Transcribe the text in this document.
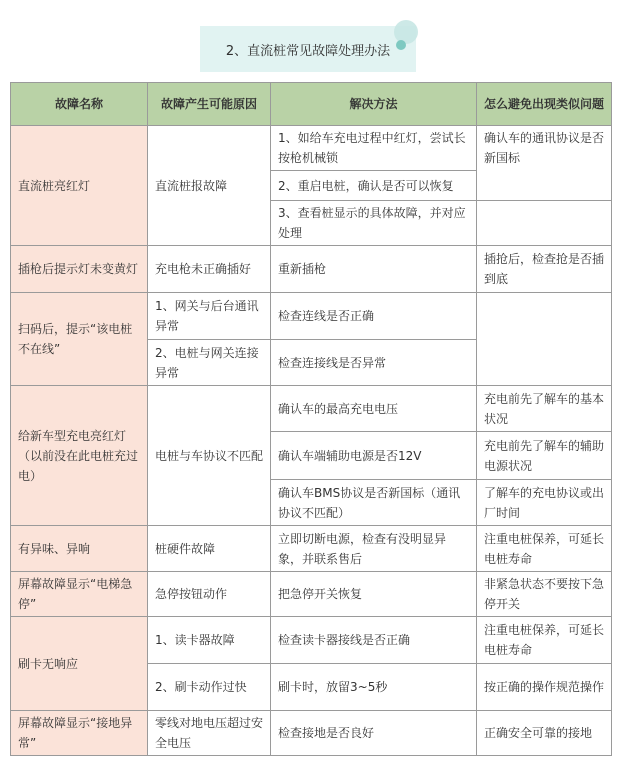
2、直流桩常见故障处理办法
故障名称	故障产生可能原因	解决方法	怎么避免出现类似问题
直流桩亮红灯	直流桩报故障	1、如给车充电过程中红灯，尝试长按枪机械锁	确认车的通讯协议是否新国标
		2、重启电桩，确认是否可以恢复	
		3、查看桩显示的具体故障，并对应处理	
插枪后提示灯未变黄灯	充电枪未正确插好	重新插枪	插抢后，检查抢是否插到底
扫码后，提示“该电桩不在线”	1、网关与后台通讯异常	检查连线是否正确	
	2、电桩与网关连接异常	检查连接线是否异常	
给新车型充电亮红灯（以前没在此电桩充过电）	电桩与车协议不匹配	确认车的最高充电电压	充电前先了解车的基本状况
		确认车端辅助电源是否12V	充电前先了解车的辅助电源状况
		确认车BMS协议是否新国标（通讯协议不匹配）	了解车的充电协议或出厂时间
有异味、异响	桩硬件故障	立即切断电源，检查有没明显异象，并联系售后	注重电桩保养，可延长电桩寿命
屏幕故障显示“电梯急停”	急停按钮动作	把急停开关恢复	非紧急状态不要按下急停开关
刷卡无响应	1、读卡器故障	检查读卡器接线是否正确	注重电桩保养，可延长电桩寿命
	2、刷卡动作过快	刷卡时，放留3~5秒	按正确的操作规范操作
屏幕故障显示“接地异常”	零线对地电压超过安全电压	检查接地是否良好	正确安全可靠的接地
